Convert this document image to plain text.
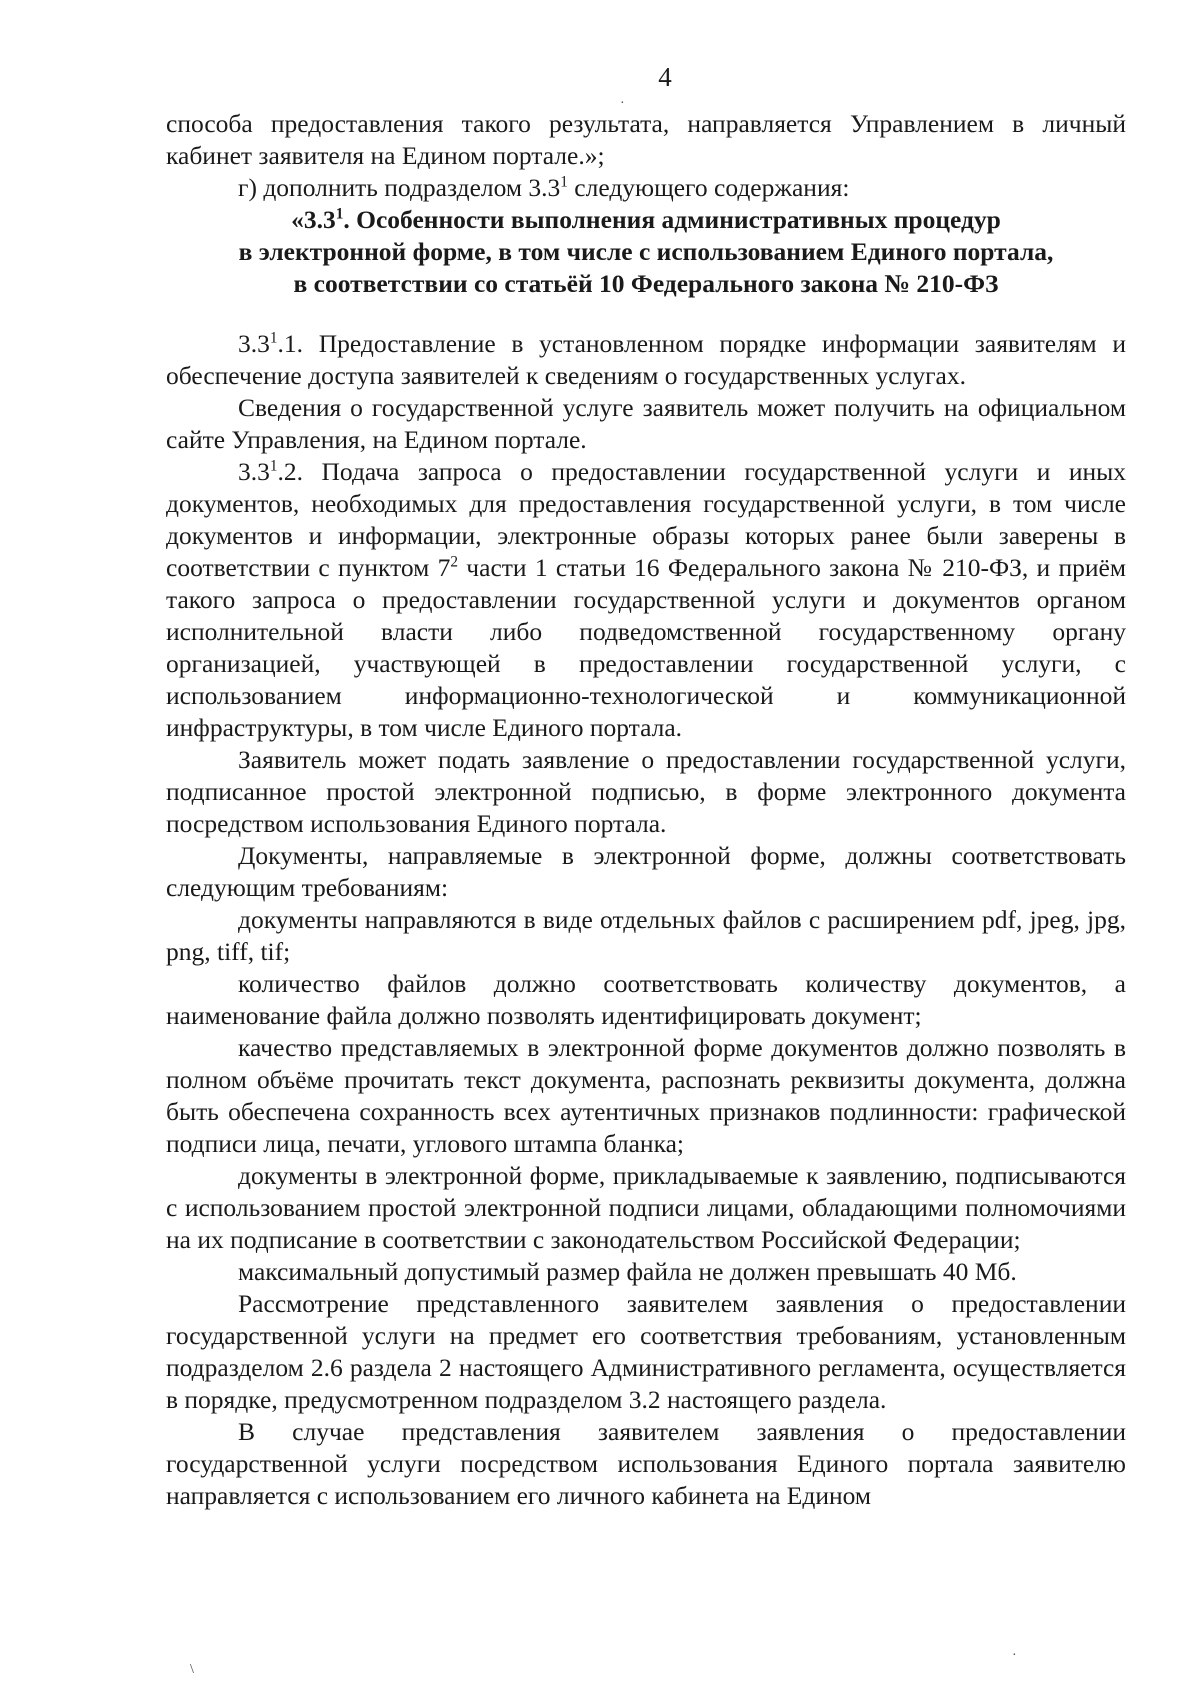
4

способа предоставления такого результата, направляется Управлением в личный кабинет заявителя на Едином портале.»;

г) дополнить подразделом $3.3^1$ следующего содержания:

«$3.3^1$. Особенности выполнения административных процедур

в электронной форме, в том числе с использованием Единого портала,

в соответствии со статьёй 10 Федерального закона № 210-ФЗ

$3.3^1.1$. Предоставление в установленном порядке информации заявителям и обеспечение доступа заявителей к сведениям о государственных услугах.

Сведения о государственной услуге заявитель может получить на официальном сайте Управления, на Едином портале.

$3.3^1.2$. Подача запроса о предоставлении государственной услуги и иных документов, необходимых для предоставления государственной услуги, в том числе документов и информации, электронные образы которых ранее были заверены в соответствии с пунктом $7^2$ части 1 статьи 16 Федерального закона № 210-ФЗ, и приём такого запроса о предоставлении государственной услуги и документов органом исполнительной власти либо подведомственной государственному органу организацией, участвующей в предоставлении государственной услуги, с использованием информационно-технологической и коммуникационной инфраструктуры, в том числе Единого портала.

Заявитель может подать заявление о предоставлении государственной услуги, подписанное простой электронной подписью, в форме электронного документа посредством использования Единого портала.

Документы, направляемые в электронной форме, должны соответствовать следующим требованиям:

документы направляются в виде отдельных файлов с расширением pdf, jpeg, jpg, png, tiff, tif;

количество файлов должно соответствовать количеству документов, а наименование файла должно позволять идентифицировать документ;

качество представляемых в электронной форме документов должно позволять в полном объёме прочитать текст документа, распознать реквизиты документа, должна быть обеспечена сохранность всех аутентичных признаков подлинности: графической подписи лица, печати, углового штампа бланка;

документы в электронной форме, прикладываемые к заявлению, подписываются с использованием простой электронной подписи лицами, обладающими полномочиями на их подписание в соответствии с законодательством Российской Федерации;

максимальный допустимый размер файла не должен превышать 40 Мб.

Рассмотрение представленного заявителем заявления о предоставлении государственной услуги на предмет его соответствия требованиям, установленным подразделом 2.6 раздела 2 настоящего Административного регламента, осуществляется в порядке, предусмотренном подразделом 3.2 настоящего раздела.

В случае представления заявителем заявления о предоставлении государственной услуги посредством использования Единого портала заявителю направляется с использованием его личного кабинета на Едином

\
·
·
